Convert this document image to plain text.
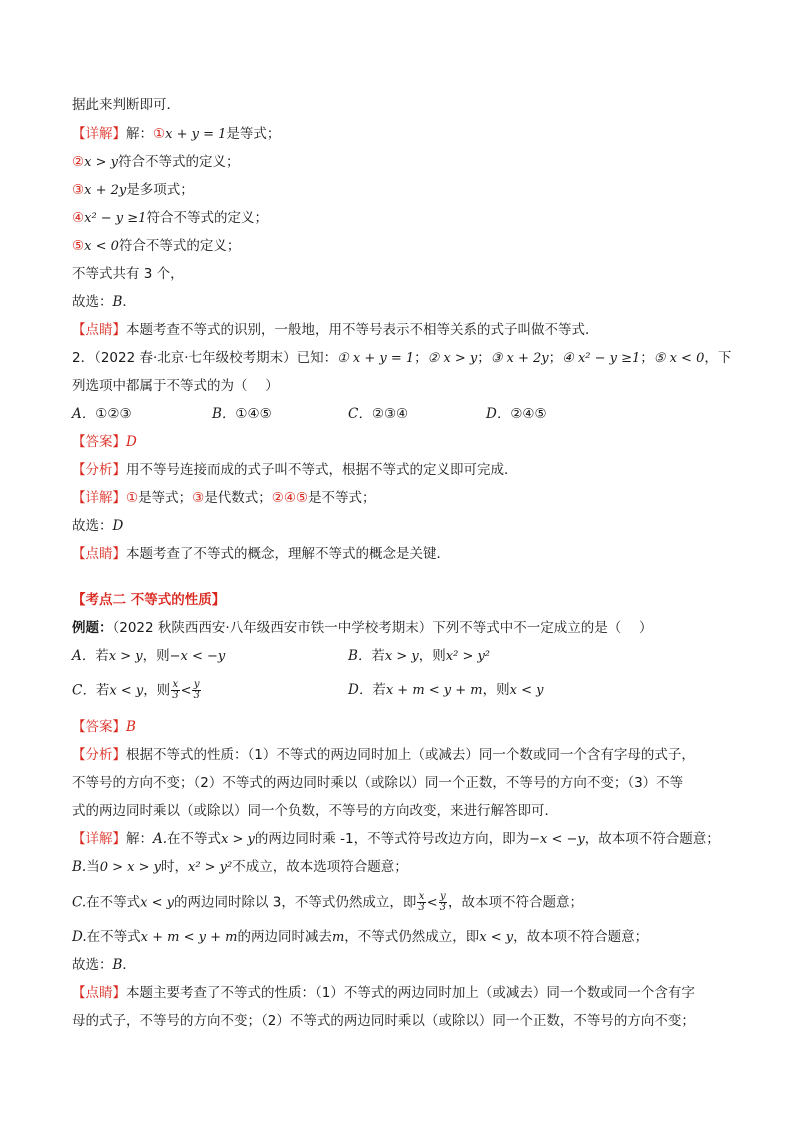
据此来判断即可．
【详解】解：①x + y = 1是等式；
②x > y符合不等式的定义；
③x + 2y是多项式；
④x² − y ≥1符合不等式的定义；
⑤x < 0符合不等式的定义；
不等式共有 3 个，
故选：B．
【点睛】本题考查不等式的识别，一般地，用不等号表示不相等关系的式子叫做不等式．
2．（2022 春·北京·七年级校考期末）已知：① x + y = 1；② x > y；③ x + 2y；④ x² − y ≥1；⑤ x < 0，下
列选项中都属于不等式的为（　 ）
A．①②③	B．①④⑤	C．②③④	D．②④⑤
【答案】D
【分析】用不等号连接而成的式子叫不等式，根据不等式的定义即可完成．
【详解】①是等式；③是代数式；②④⑤是不等式；
故选：D
【点睛】本题考查了不等式的概念，理解不等式的概念是关键．
【考点二 不等式的性质】
例题：（2022 秋陕西西安·八年级西安市铁一中学校考期末）下列不等式中不一定成立的是（　 ）
A．若x > y，则−x < −y	B．若x > y，则x² > y²
C．若x < y，则 $\frac{x}{3} < \frac{y}{3}$	D．若x + m < y + m，则x < y
【答案】B
【分析】根据不等式的性质：（1）不等式的两边同时加上（或减去）同一个数或同一个含有字母的式子，
不等号的方向不变；（2）不等式的两边同时乘以（或除以）同一个正数，不等号的方向不变；（3）不等
式的两边同时乘以（或除以）同一个负数，不等号的方向改变，来进行解答即可．
【详解】解：A.在不等式x > y的两边同时乘 -1，不等式符号改边方向，即为−x < −y，故本项不符合题意；
B.当0 > x > y时，x² > y²不成立，故本选项符合题意；
C.在不等式x < y的两边同时除以 3，不等式仍然成立，即 $\frac{x}{3} < \frac{y}{3}$ ，故本项不符合题意；
D.在不等式x + m < y + m的两边同时减去m，不等式仍然成立，即x < y，故本项不符合题意；
故选：B．
【点睛】本题主要考查了不等式的性质：（1）不等式的两边同时加上（或减去）同一个数或同一个含有字
母的式子，不等号的方向不变；（2）不等式的两边同时乘以（或除以）同一个正数，不等号的方向不变；
